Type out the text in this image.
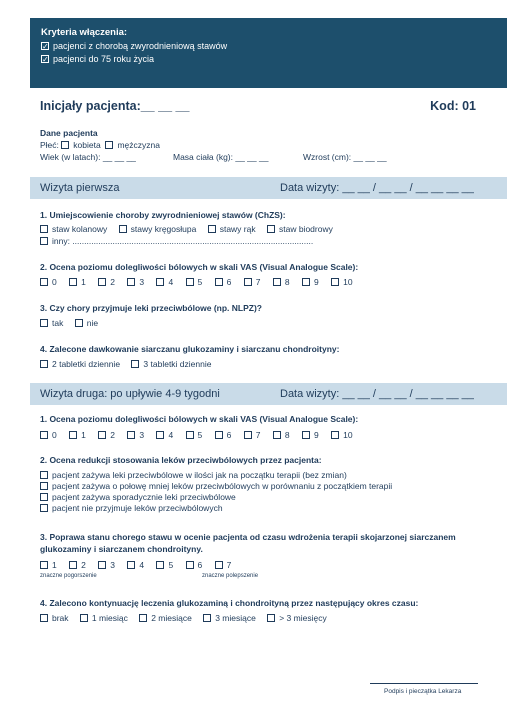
Kryteria włączenia:
✓pacjenci z chorobą zwyrodnieniową stawów
✓pacjenci do 75 roku życia
Inicjały pacjenta:__ __ __	Kod: 01
Dane pacjenta
Płeć: kobieta mężczyzna
Wiek (w latach): __ __ __	Masa ciała (kg): __ __ __	Wzrost (cm): __ __ __
Wizyta pierwsza	Data wizyty: __ __ / __ __ / __ __ __ __
1. Umiejscowienie choroby zwyrodnieniowej stawów (ChZS):
staw kolanowy	stawy kręgosłupa	stawy rąk	staw biodrowy
inny: ......................................................................................................
2. Ocena poziomu dolegliwości bólowych w skali VAS (Visual Analogue Scale):
0	1	2	3	4	5	6	7	8	9	10
3. Czy chory przyjmuje leki przeciwbólowe (np. NLPZ)?
tak	nie
4. Zalecone dawkowanie siarczanu glukozaminy i siarczanu chondroityny:
2 tabletki dziennie	3 tabletki dziennie
Wizyta druga: po upływie 4-9 tygodni	Data wizyty: __ __ / __ __ / __ __ __ __
1. Ocena poziomu dolegliwości bólowych w skali VAS (Visual Analogue Scale):
0	1	2	3	4	5	6	7	8	9	10
2. Ocena redukcji stosowania leków przeciwbólowych przez pacjenta:
pacjent zażywa leki przeciwbólowe w ilości jak na początku terapii (bez zmian)
pacjent zażywa o połowę mniej leków przeciwbólowych w porównaniu z początkiem terapii
pacjent zażywa sporadycznie leki przeciwbólowe
pacjent nie przyjmuje leków przeciwbólowych
3. Poprawa stanu chorego stawu w ocenie pacjenta od czasu wdrożenia terapii skojarzonej siarczanem
glukozaminy i siarczanem chondroityny.
1	2	3	4	5	6	7
znaczne pogorszenie	znaczne polepszenie
4. Zalecono kontynuację leczenia glukozaminą i chondroityną przez następujący okres czasu:
brak	1 miesiąc	2 miesiące	3 miesiące	> 3 miesięcy
Podpis i pieczątka Lekarza
